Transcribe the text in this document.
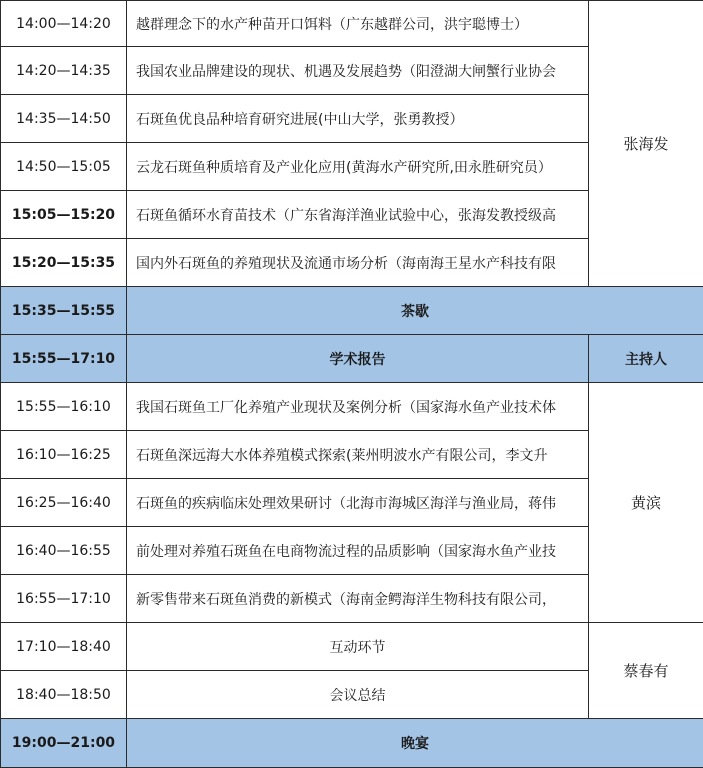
14:00—14:20	越群理念下的水产种苗开口饵料（广东越群公司，洪宇聪博士）	张海发
14:20—14:35	我国农业品牌建设的现状、机遇及发展趋势（阳澄湖大闸蟹行业协会	
14:35—14:50	石斑鱼优良品种培育研究进展(中山大学，张勇教授）	
14:50—15:05	云龙石斑鱼种质培育及产业化应用(黄海水产研究所,田永胜研究员）	
15:05—15:20	石斑鱼循环水育苗技术（广东省海洋渔业试验中心，张海发教授级高	
15:20—15:35	国内外石斑鱼的养殖现状及流通市场分析（海南海王星水产科技有限	
15:35—15:55	茶歇	
15:55—17:10	学术报告	主持人
15:55—16:10	我国石斑鱼工厂化养殖产业现状及案例分析（国家海水鱼产业技术体	黄滨
16:10—16:25	石斑鱼深远海大水体养殖模式探索(莱州明波水产有限公司，李文升	
16:25—16:40	石斑鱼的疾病临床处理效果研讨（北海市海城区海洋与渔业局，蒋伟	
16:40—16:55	前处理对养殖石斑鱼在电商物流过程的品质影响（国家海水鱼产业技	
16:55—17:10	新零售带来石斑鱼消费的新模式（海南金鳄海洋生物科技有限公司，	
17:10—18:40	互动环节	蔡春有
18:40—18:50	会议总结	
19:00—21:00	晚宴	
